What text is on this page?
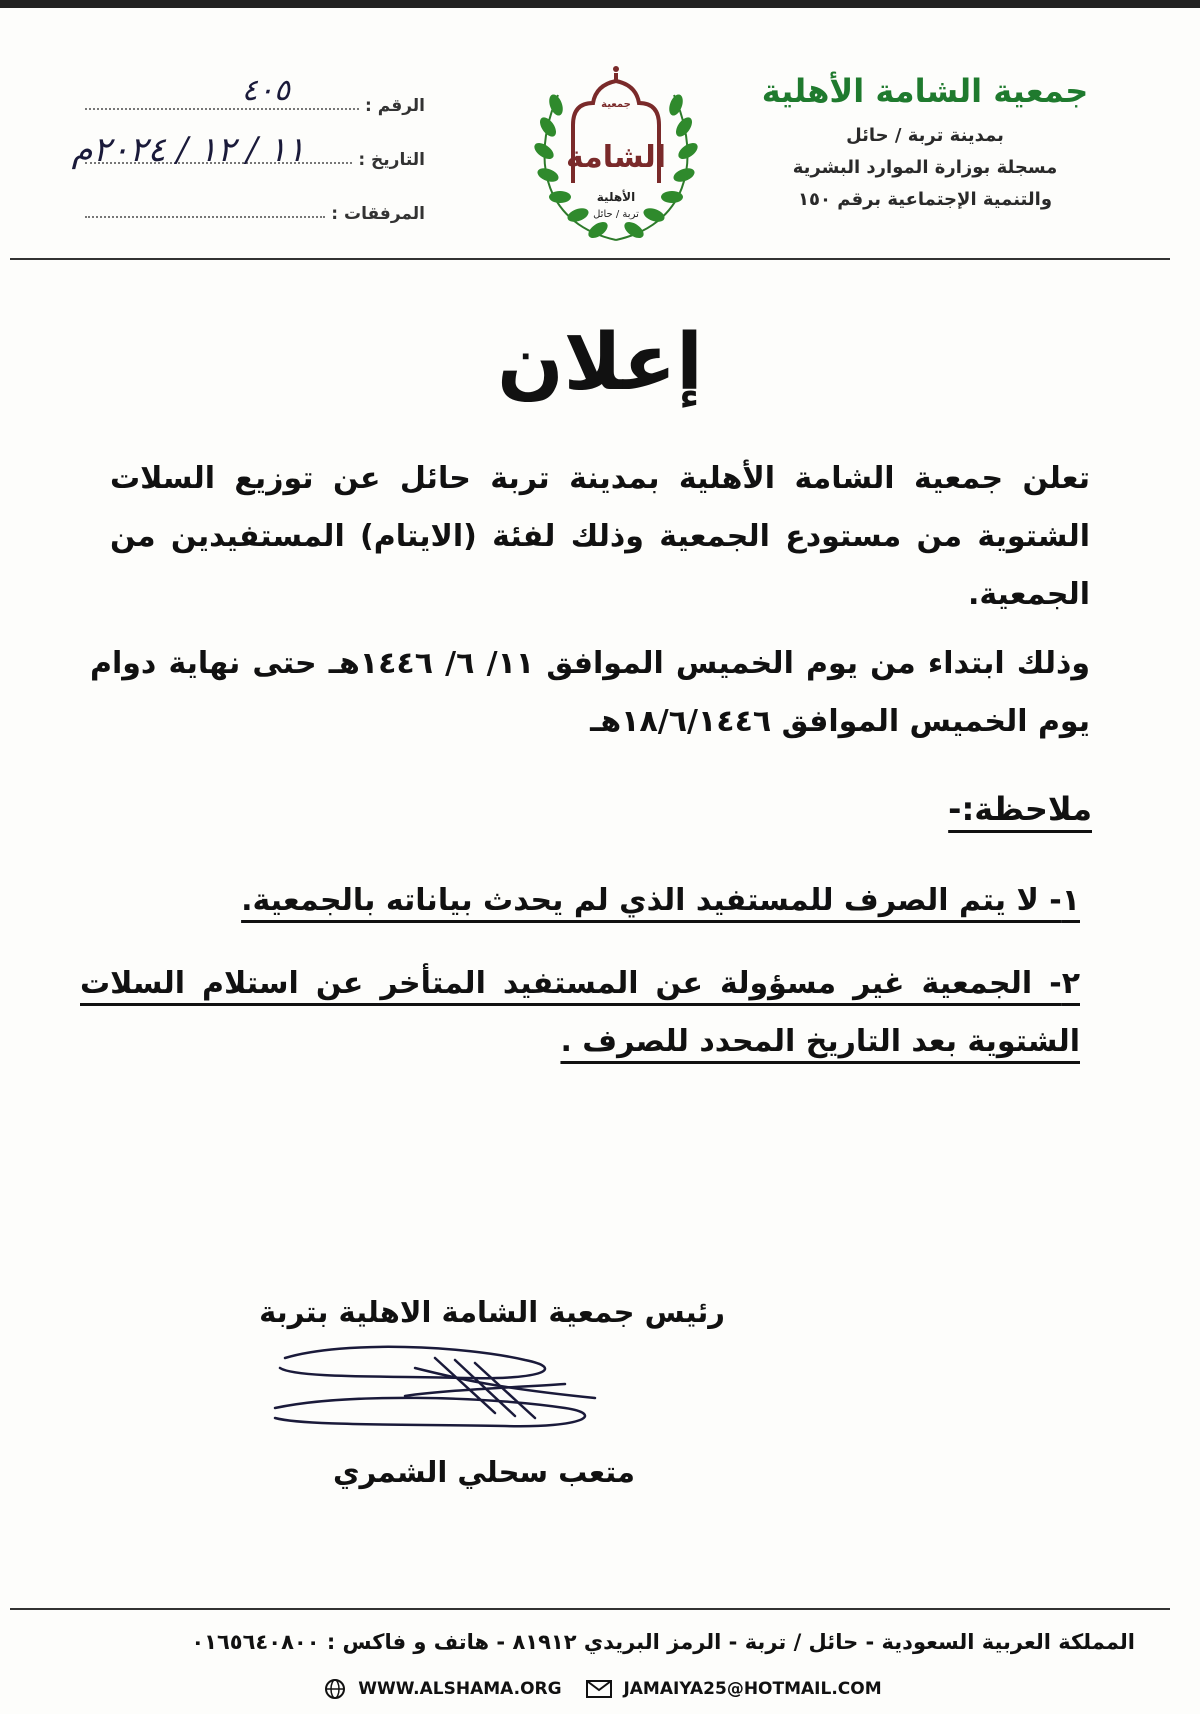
جمعية الشامة الأهلية
بمدينة تربة / حائل
مسجلة بوزارة الموارد البشرية
والتنمية الإجتماعية برقم ١٥٠
جمعية
الشامة
الأهلية
تربة / حائل
الرقم :
٤٠٥
التاريخ :
١١ / ١٢ / ٢٠٢٤م
المرفقات :
إعلان
تعلن جمعية الشامة الأهلية بمدينة تربة حائل عن توزيع السلات الشتوية من مستودع الجمعية وذلك لفئة (الايتام) المستفيدين من الجمعية.
وذلك ابتداء من يوم الخميس الموافق ١١/ ٦/ ١٤٤٦هـ حتى نهاية دوام يوم الخميس الموافق ١٨/٦/١٤٤٦هـ
ملاحظة:-
١- لا يتم الصرف للمستفيد الذي لم يحدث بياناته بالجمعية.
٢- الجمعية غير مسؤولة عن المستفيد المتأخر عن استلام السلات الشتوية بعد التاريخ المحدد للصرف .
رئيس جمعية الشامة الاهلية بتربة
متعب سحلي الشمري
المملكة العربية السعودية - حائل / تربة - الرمز البريدي ٨١٩١٢ - هاتف و فاكس : ٠١٦٥٦٤٠٨٠٠
WWW.ALSHAMA.ORG	JAMAIYA25@HOTMAIL.COM
